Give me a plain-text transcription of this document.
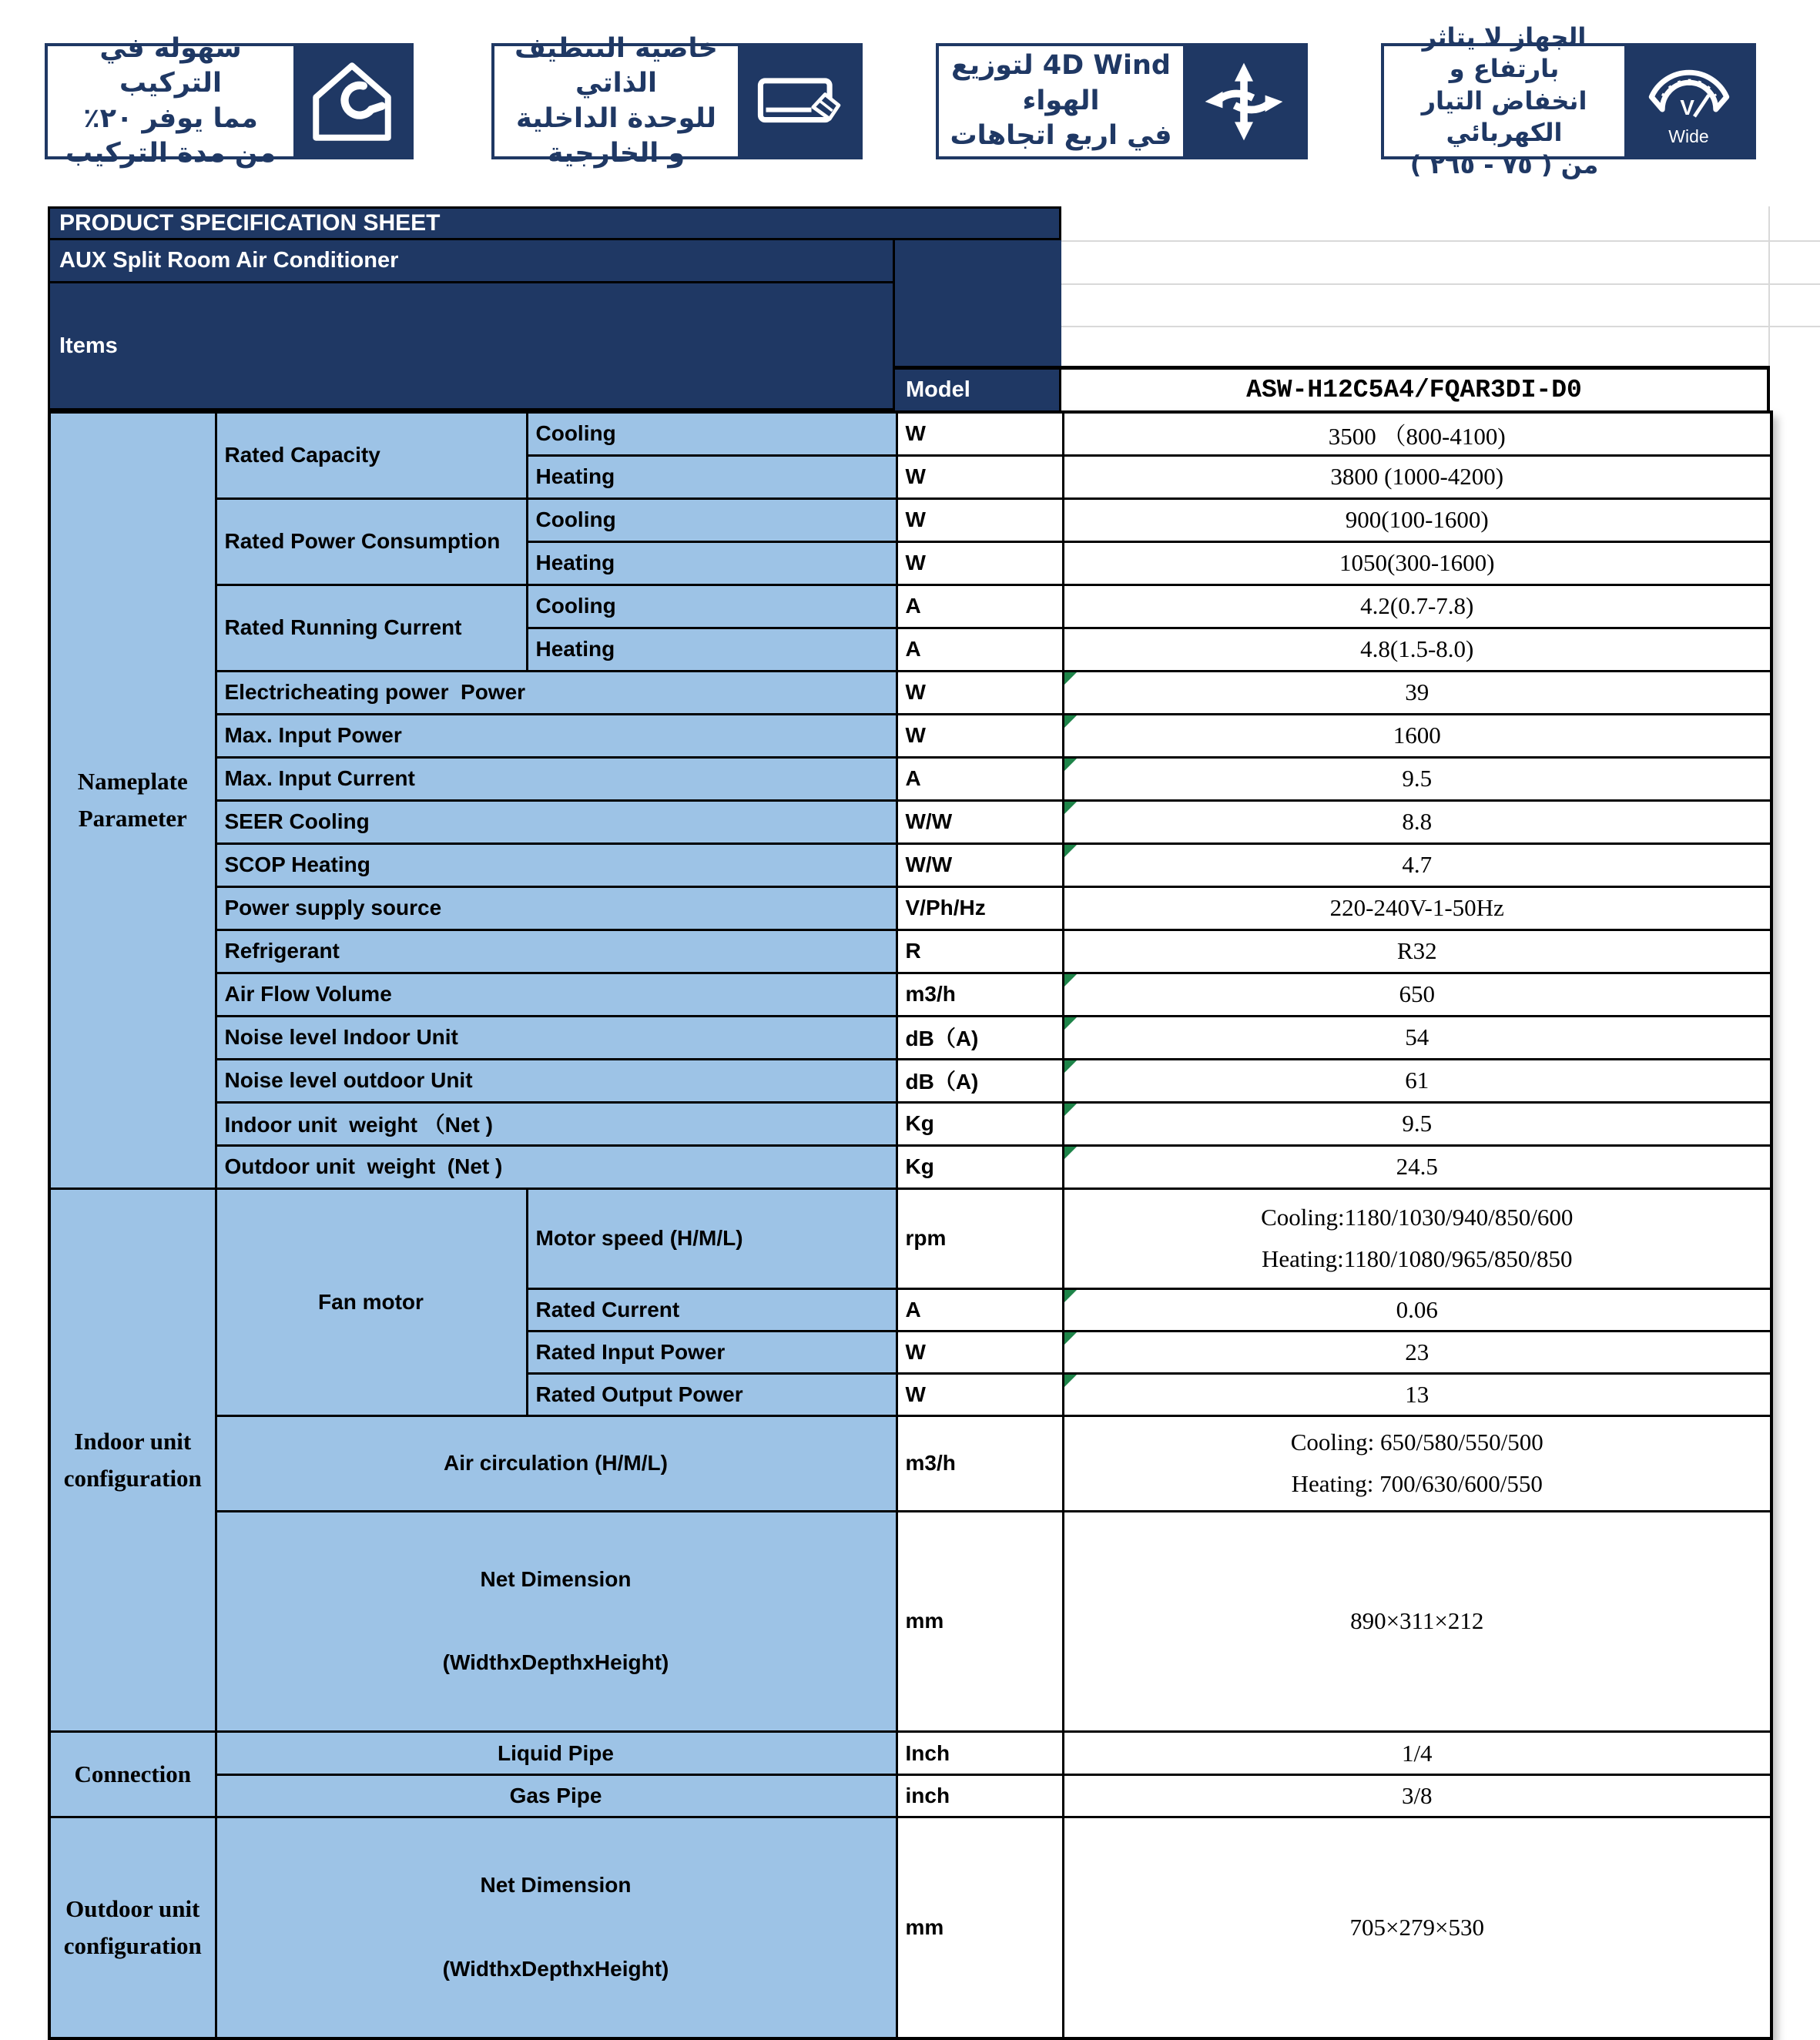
سهولة في التركيب
مما يوفر ٢٠٪
من مدة التركيب
خاصية التنظيف الذاتي
للوحدة الداخلية
و الخارجية
4D Wind لتوزيع الهواء
في اربع اتجاهات
الجهاز لا يتاثر بارتفاع و
انخفاض التيار الكهربائي
من ( ٧٥ - ٢٦٥ )
V
Wide
PRODUCT SPECIFICATION SHEET
AUX Split Room Air Conditioner
Items
Model	ASW-H12C5A4/FQAR3DI-D0
Nameplate Parameter	Rated Capacity	Cooling	W	3500 （800-4100)
		Heating	W	3800 (1000-4200)
	Rated Power Consumption	Cooling	W	900(100-1600)
		Heating	W	1050(300-1600)
	Rated Running Current	Cooling	A	4.2(0.7-7.8)
		Heating	A	4.8(1.5-8.0)
	Electricheating power  Power		W	39
	Max. Input Power		W	1600
	Max. Input Current		A	9.5
	SEER Cooling		W/W	8.8
	SCOP Heating		W/W	4.7
	Power supply source		V/Ph/Hz	220-240V-1-50Hz
	Refrigerant		R	R32
	Air Flow Volume		m3/h	650
	Noise level Indoor Unit		dB（A)	54
	Noise level outdoor Unit		dB（A)	61
	Indoor unit  weight （Net )		Kg	9.5
	Outdoor unit  weight  (Net )		Kg	24.5
Indoor unit configuration	Fan motor	Motor speed (H/M/L)	rpm	Cooling:1180/1030/940/850/600
Heating:1180/1080/965/850/850

		Rated Current	A	0.06
		Rated Input Power	W	23
		Rated Output Power	W	13
	Air circulation (H/M/L)		m3/h	Cooling: 650/580/550/500
Heating: 700/630/600/550

	Net Dimension

(WidthxDepthxHeight)		mm	890×311×212
Connection	Liquid Pipe		Inch	1/4
	Gas Pipe		inch	3/8
Outdoor unit configuration	Net Dimension

(WidthxDepthxHeight)		mm	705×279×530
